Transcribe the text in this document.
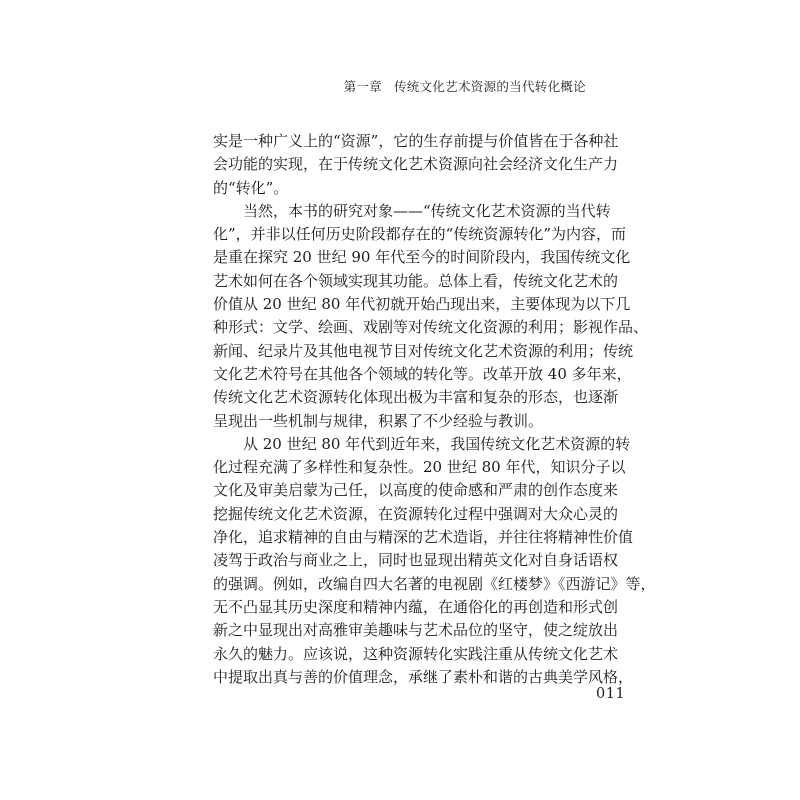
第一章 传统文化艺术资源的当代转化概论
实是一种广义上的“资源”，它的生存前提与价值皆在于各种社
会功能的实现，在于传统文化艺术资源向社会经济文化生产力
的“转化”。
　　当然，本书的研究对象——“传统文化艺术资源的当代转
化”，并非以任何历史阶段都存在的“传统资源转化”为内容，而
是重在探究 20 世纪 90 年代至今的时间阶段内，我国传统文化
艺术如何在各个领域实现其功能。总体上看，传统文化艺术的
价值从 20 世纪 80 年代初就开始凸现出来，主要体现为以下几
种形式：文学、绘画、戏剧等对传统文化资源的利用；影视作品、
新闻、纪录片及其他电视节目对传统文化艺术资源的利用；传统
文化艺术符号在其他各个领域的转化等。改革开放 40 多年来，
传统文化艺术资源转化体现出极为丰富和复杂的形态，也逐渐
呈现出一些机制与规律，积累了不少经验与教训。
　　从 20 世纪 80 年代到近年来，我国传统文化艺术资源的转
化过程充满了多样性和复杂性。20 世纪 80 年代，知识分子以
文化及审美启蒙为己任，以高度的使命感和严肃的创作态度来
挖掘传统文化艺术资源，在资源转化过程中强调对大众心灵的
净化，追求精神的自由与精深的艺术造诣，并往往将精神性价值
凌驾于政治与商业之上，同时也显现出精英文化对自身话语权
的强调。例如，改编自四大名著的电视剧《红楼梦》《西游记》等，
无不凸显其历史深度和精神内蕴，在通俗化的再创造和形式创
新之中显现出对高雅审美趣味与艺术品位的坚守，使之绽放出
永久的魅力。应该说，这种资源转化实践注重从传统文化艺术
中提取出真与善的价值理念，承继了素朴和谐的古典美学风格，
011
